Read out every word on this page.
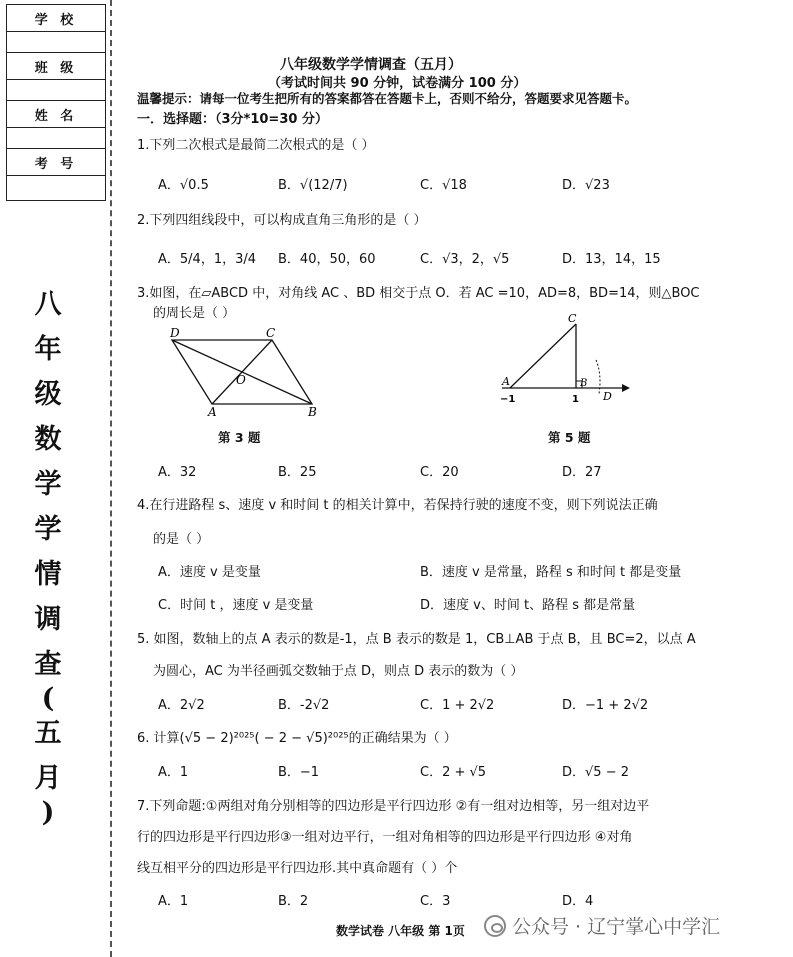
学 校
班 级
姓 名
考 号
八
年
级
数
学
学
情
调
查
(
五
月
)
八年级数学学情调查（五月）
（考试时间共 90 分钟，试卷满分 100 分）
温馨提示：请每一位考生把所有的答案都答在答题卡上，否则不给分，答题要求见答题卡。
一．选择题：（3分*10=30 分）
1.下列二次根式是最简二次根式的是（ ）
A．√0.5	B．√(12/7)	C．√18	D．√23
2.下列四组线段中，可以构成直角三角形的是（ ）
A．5/4，1，3/4 B．40，50，60	C．√3，2，√5	D．13，14，15
3.如图，在▱ABCD 中，对角线 AC 、BD 相交于点 O．若 AC =10，AD=8，BD=14，则△BOC
的周长是（ ）
D	C
O
A	B
第 3 题
C
A	B
D
−1	1
第 5 题
A．32	B．25	C．20	D．27
4.在行进路程 s、速度 v 和时间 t 的相关计算中，若保持行驶的速度不变，则下列说法正确
的是（ ）
A．速度 v 是变量	B．速度 v 是常量，路程 s 和时间 t 都是变量
C．时间 t ，速度 v 是变量	D．速度 v、时间 t、路程 s 都是常量
5. 如图，数轴上的点 A 表示的数是-1，点 B 表示的数是 1，CB⊥AB 于点 B，且 BC=2，以点 A
为圆心，AC 为半径画弧交数轴于点 D，则点 D 表示的数为（ ）
A．2√2	B．-2√2	C．1 + 2√2	D．−1 + 2√2
6. 计算(√5 − 2)²⁰²⁵( − 2 − √5)²⁰²⁵的正确结果为（ ）
A．1	B．−1	C．2 + √5	D．√5 − 2
7.下列命题:①两组对角分别相等的四边形是平行四边形 ②有一组对边相等，另一组对边平
行的四边形是平行四边形③一组对边平行，一组对角相等的四边形是平行四边形 ④对角
线互相平分的四边形是平行四边形.其中真命题有（ ）个
A．1	B．2	C．3	D．4
数学试卷 八年级 第 1页 公众号 · 辽宁掌心中学汇
